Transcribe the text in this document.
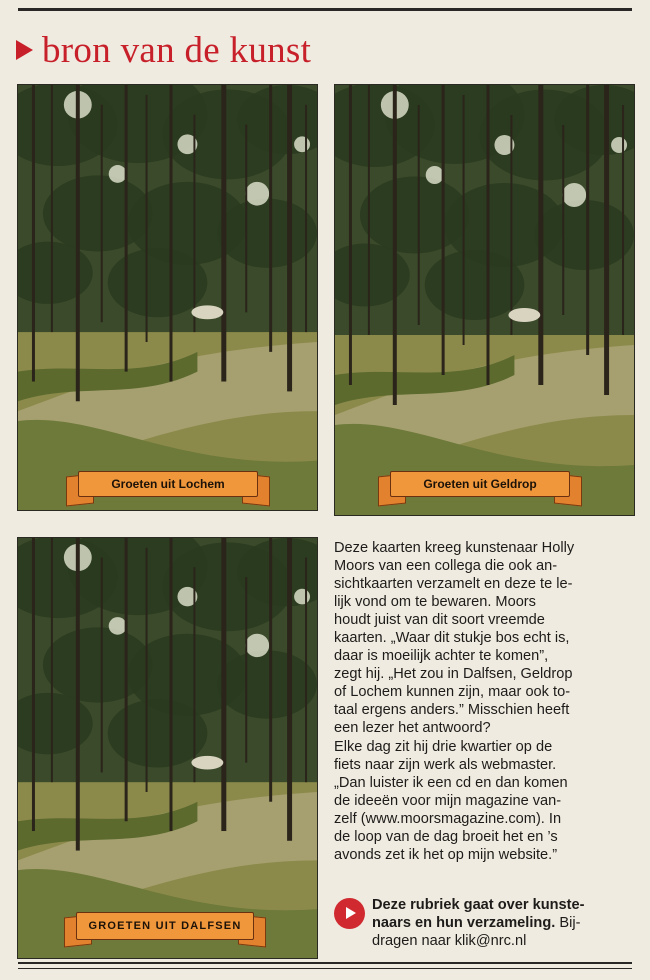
bron van de kunst
Groeten uit Lochem	Groeten uit Geldrop
GROETEN UIT DALFSEN

Deze kaarten kreeg kunstenaar Holly

Moors van een collega die ook an-

sichtkaarten verzamelt en deze te le-

lijk vond om te bewaren. Moors

houdt juist van dit soort vreemde

kaarten. „Waar dit stukje bos echt is,

daar is moeilijk achter te komen”,

zegt hij. „Het zou in Dalfsen, Geldrop

of Lochem kunnen zijn, maar ook to-

taal ergens anders.” Misschien heeft

een lezer het antwoord?

Elke dag zit hij drie kwartier op de

fiets naar zijn werk als webmaster.

„Dan luister ik een cd en dan komen

de ideeën voor mijn magazine van-

zelf (www.moorsmagazine.com). In

de loop van de dag broeit het en ’s

avonds zet ik het op mijn website.”

Deze rubriek gaat over kunste-
naars en hun verzameling. Bij-
dragen naar klik@nrc.nl
